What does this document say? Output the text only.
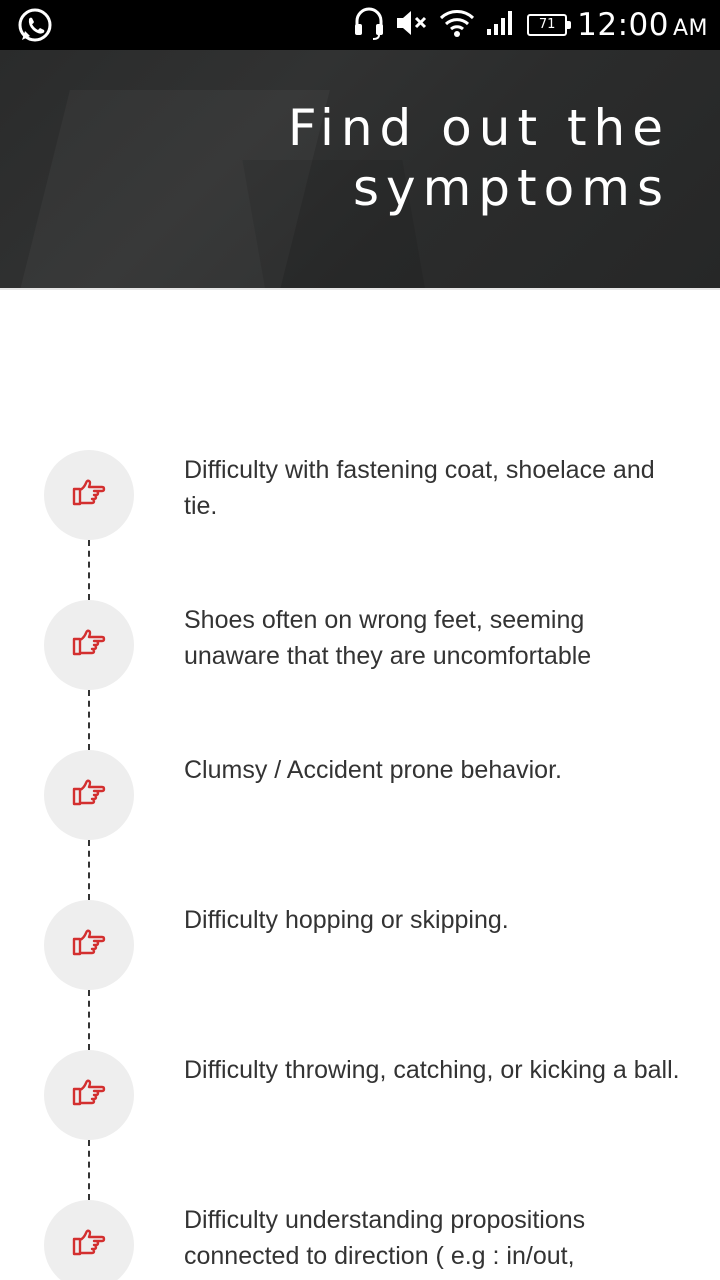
71 12:00 AM
Find out the
symptoms
Difficulty with fastening coat, shoelace and tie.
Shoes often on wrong feet, seeming unaware that they are uncomfortable
Clumsy / Accident prone behavior.
Difficulty hopping or skipping.
Difficulty throwing, catching, or kicking a ball.
Difficulty understanding propositions connected to direction ( e.g : in/out,
